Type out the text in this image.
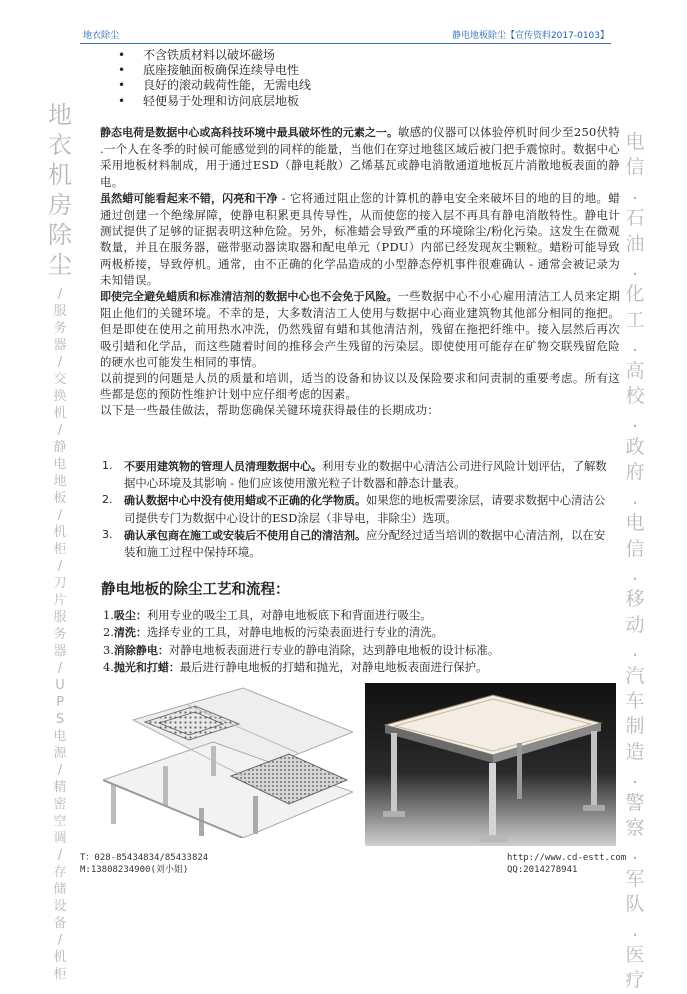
地衣除尘	静电地板除尘【宣传资料2017-0103】
• 不含铁质材料以破坏磁场
• 底座接触面板确保连续导电性
• 良好的滚动载荷性能，无需电线
• 轻便易于处理和访问底层地板
地
衣
机
房
除
尘
/
服
务
器
/
交
换
机
/
静
电
地
板
/
机
柜
/
刀
片
服
务
器
/
U
P
S
电
源
/
精
密
空
调
/
存
储
设
备
/
机
柜
电
信
.
石
油
.
化
工
.
高
校
.
政
府
.
电
信
.
移
动
.
汽
车
制
造
.
警
察
.
军
队
.
医
疗

静态电荷是数据中心或高科技环境中最具破坏性的元素之一。敏感的仪器可以体验停机时间少至250伏特 .一个人在冬季的时候可能感觉到的同样的能量，当他们在穿过地毯区域后被门把手震惊时。数据中心采用地板材料制成，用于通过ESD（静电耗散）乙烯基瓦或静电消散通道地板瓦片消散地板表面的静电。

虽然蜡可能看起来不错，闪亮和干净 - 它将通过阻止您的计算机的静电安全来破坏目的地的目的地。蜡通过创建一个绝缘屏障，使静电积累更具传导性，从而使您的接入层不再具有静电消散特性。静电计测试提供了足够的证据表明这种危险。另外，标准蜡会导致严重的环境除尘/粉化污染。这发生在微观数量，并且在服务器，磁带驱动器读取器和配电单元（PDU）内部已经发现灰尘颗粒。蜡粉可能导致两极桥接，导致停机。通常，由不正确的化学品造成的小型静态停机事件很难确认 - 通常会被记录为未知错误。

即使完全避免蜡质和标准清洁剂的数据中心也不会免于风险。一些数据中心不小心雇用清洁工人员来定期阻止他们的关键环境。不幸的是，大多数清洁工人使用与数据中心商业建筑物其他部分相同的拖把。但是即使在使用之前用热水冲洗，仍然残留有蜡和其他清洁剂，残留在拖把纤维中。接入层然后再次吸引蜡和化学品，而这些随着时间的推移会产生残留的污染层。即使使用可能存在矿物交联残留危险的硬水也可能发生相同的事情。

以前提到的问题是人员的质量和培训，适当的设备和协议以及保险要求和问责制的重要考虑。所有这些都是您的预防性维护计划中应仔细考虑的因素。

以下是一些最佳做法，帮助您确保关键环境获得最佳的长期成功：

1. 不要用建筑物的管理人员清理数据中心。利用专业的数据中心清洁公司进行风险计划评估，了解数据中心环境及其影响 - 他们应该使用激光粒子计数器和静态计量表。
2. 确认数据中心中没有使用蜡或不正确的化学物质。如果您的地板需要涂层，请要求数据中心清洁公司提供专门为数据中心设计的ESD涂层（非导电，非除尘）选项。
3. 确认承包商在施工或安装后不使用自己的清洁剂。应分配经过适当培训的数据中心清洁剂，以在安装和施工过程中保持环境。
静电地板的除尘工艺和流程：
1.吸尘：利用专业的吸尘工具，对静电地板底下和背面进行吸尘。
2.清洗：选择专业的工具，对静电地板的污染表面进行专业的清洗。
3.消除静电：对静电地板表面进行专业的静电消除，达到静电地板的设计标准。
4.抛光和打蜡：最后进行静电地板的打蜡和抛光，对静电地板表面进行保护。
T：028-85434834/85433824
M:13808234900(刘小姐)
http://www.cd-estt.com
QQ:2014278941
